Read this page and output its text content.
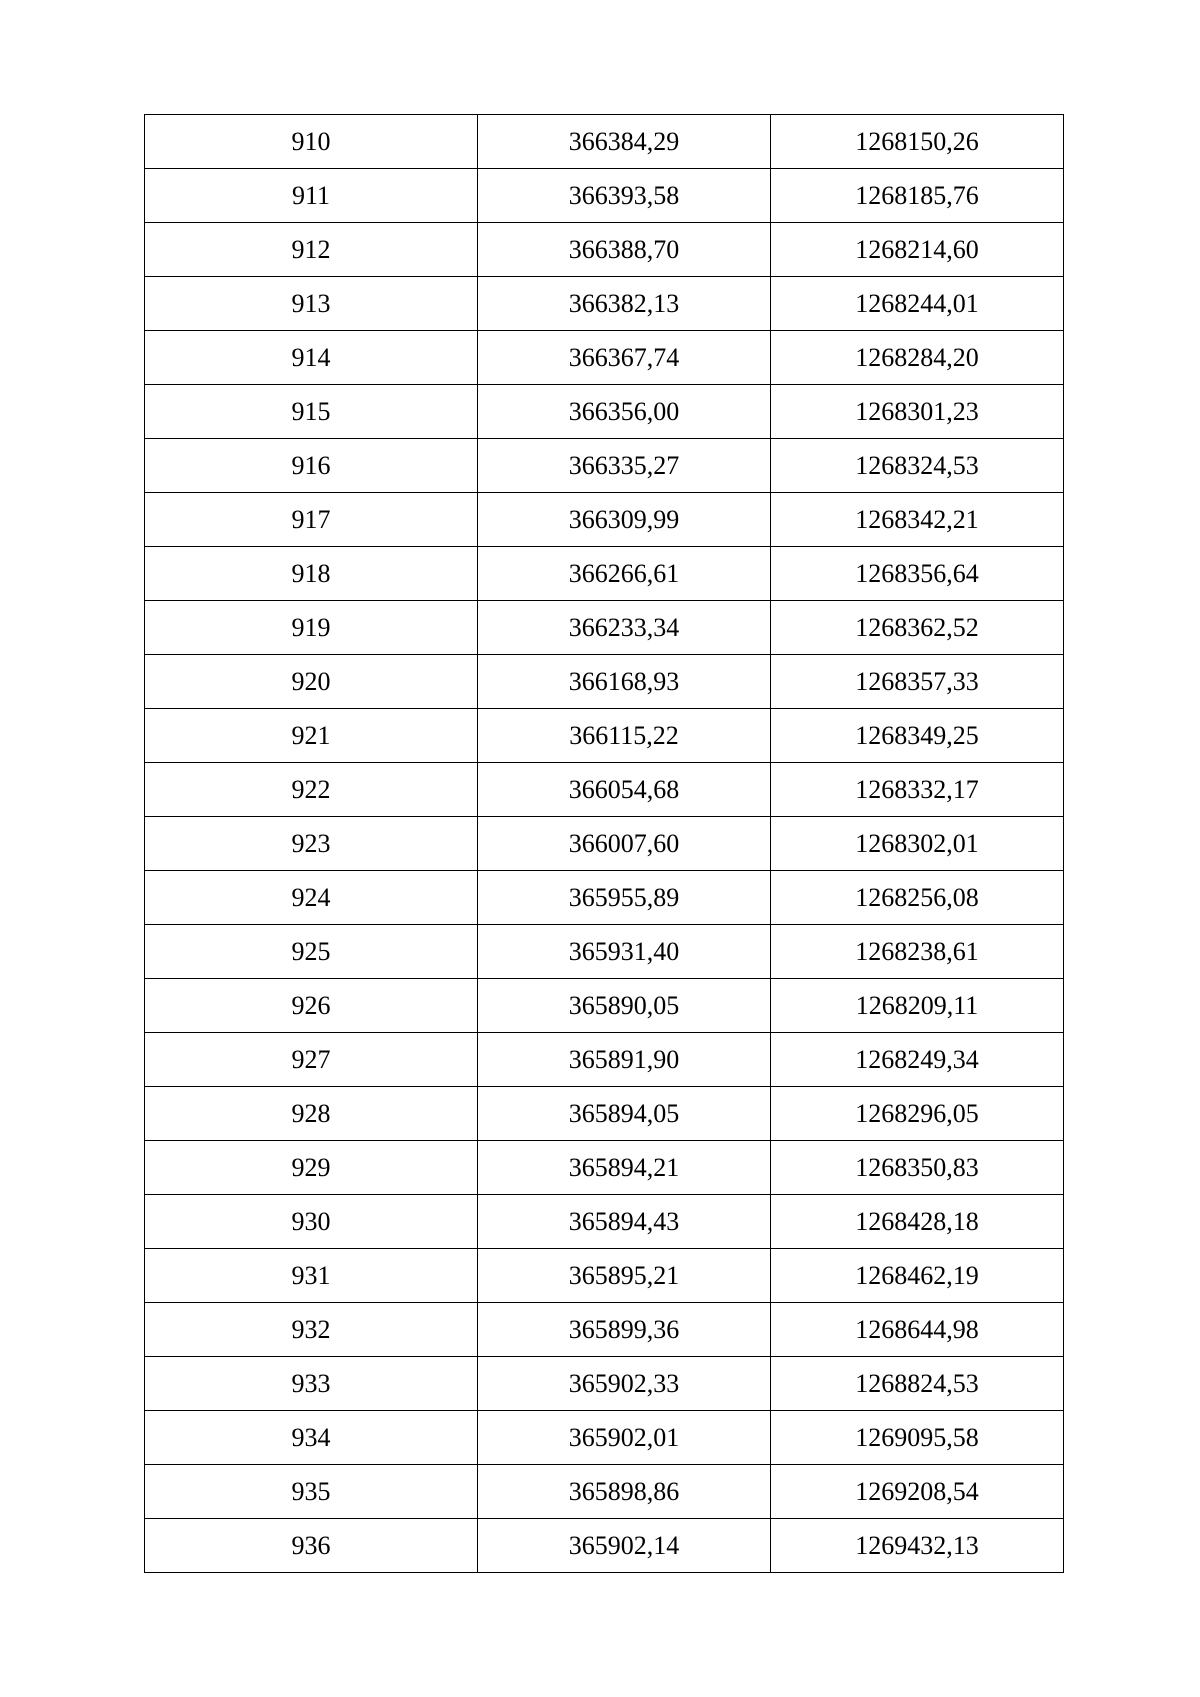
910	366384,29	1268150,26
911	366393,58	1268185,76
912	366388,70	1268214,60
913	366382,13	1268244,01
914	366367,74	1268284,20
915	366356,00	1268301,23
916	366335,27	1268324,53
917	366309,99	1268342,21
918	366266,61	1268356,64
919	366233,34	1268362,52
920	366168,93	1268357,33
921	366115,22	1268349,25
922	366054,68	1268332,17
923	366007,60	1268302,01
924	365955,89	1268256,08
925	365931,40	1268238,61
926	365890,05	1268209,11
927	365891,90	1268249,34
928	365894,05	1268296,05
929	365894,21	1268350,83
930	365894,43	1268428,18
931	365895,21	1268462,19
932	365899,36	1268644,98
933	365902,33	1268824,53
934	365902,01	1269095,58
935	365898,86	1269208,54
936	365902,14	1269432,13
